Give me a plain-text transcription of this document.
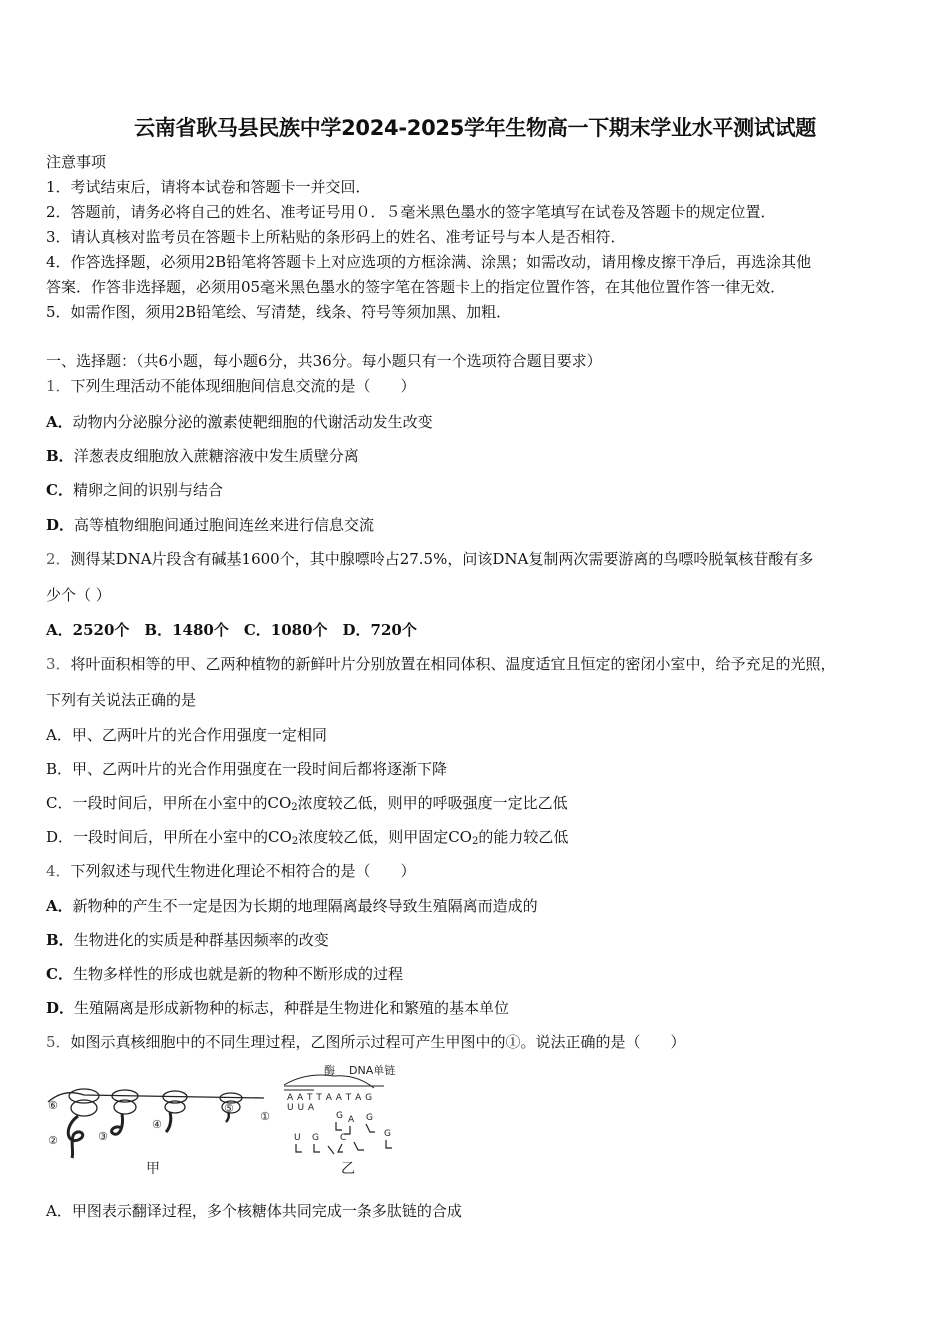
云南省耿马县民族中学2024-2025学年生物高一下期末学业水平测试试题
注意事项
1．考试结束后，请将本试卷和答题卡一并交回．
2．答题前，请务必将自己的姓名、准考证号用０．５毫米黑色墨水的签字笔填写在试卷及答题卡的规定位置．
3．请认真核对监考员在答题卡上所粘贴的条形码上的姓名、准考证号与本人是否相符．
4．作答选择题，必须用2B铅笔将答题卡上对应选项的方框涂满、涂黑；如需改动，请用橡皮擦干净后，再选涂其他
答案．作答非选择题，必须用05毫米黑色墨水的签字笔在答题卡上的指定位置作答，在其他位置作答一律无效．
5．如需作图，须用2B铅笔绘、写清楚，线条、符号等须加黑、加粗．
一、选择题：（共6小题，每小题6分，共36分。每小题只有一个选项符合题目要求）
1．下列生理活动不能体现细胞间信息交流的是（　　）
A．动物内分泌腺分泌的激素使靶细胞的代谢活动发生改变
B．洋葱表皮细胞放入蔗糖溶液中发生质壁分离
C．精卵之间的识别与结合
D．高等植物细胞间通过胞间连丝来进行信息交流
2．测得某DNA片段含有碱基1600个，其中腺嘌呤占27.5%，问该DNA复制两次需要游离的鸟嘌呤脱氧核苷酸有多
少个（ ）
A．2520个　B．1480个　C．1080个　D．720个
3．将叶面积相等的甲、乙两种植物的新鲜叶片分别放置在相同体积、温度适宜且恒定的密闭小室中，给予充足的光照，
下列有关说法正确的是
A．甲、乙两叶片的光合作用强度一定相同
B．甲、乙两叶片的光合作用强度在一段时间后都将逐渐下降
C．一段时间后，甲所在小室中的$CO_2$浓度较乙低，则甲的呼吸强度一定比乙低
D．一段时间后，甲所在小室中的$CO_2$浓度较乙低，则甲固定$CO_2$的能力较乙低
4．下列叙述与现代生物进化理论不相符合的是（　　）
A．新物种的产生不一定是因为长期的地理隔离最终导致生殖隔离而造成的
B．生物进化的实质是种群基因频率的改变
C．生物多样性的形成也就是新的物种不断形成的过程
D．生殖隔离是形成新物种的标志，种群是生物进化和繁殖的基本单位
5．如图示真核细胞中的不同生理过程，乙图所示过程可产生甲图中的①。说法正确的是（　　）
⑥
②	③
④
⑤
①
甲
酶 DNA单链
A A T T A A T A G
U U A
G A G
U G C	G
乙
A．甲图表示翻译过程，多个核糖体共同完成一条多肽链的合成
